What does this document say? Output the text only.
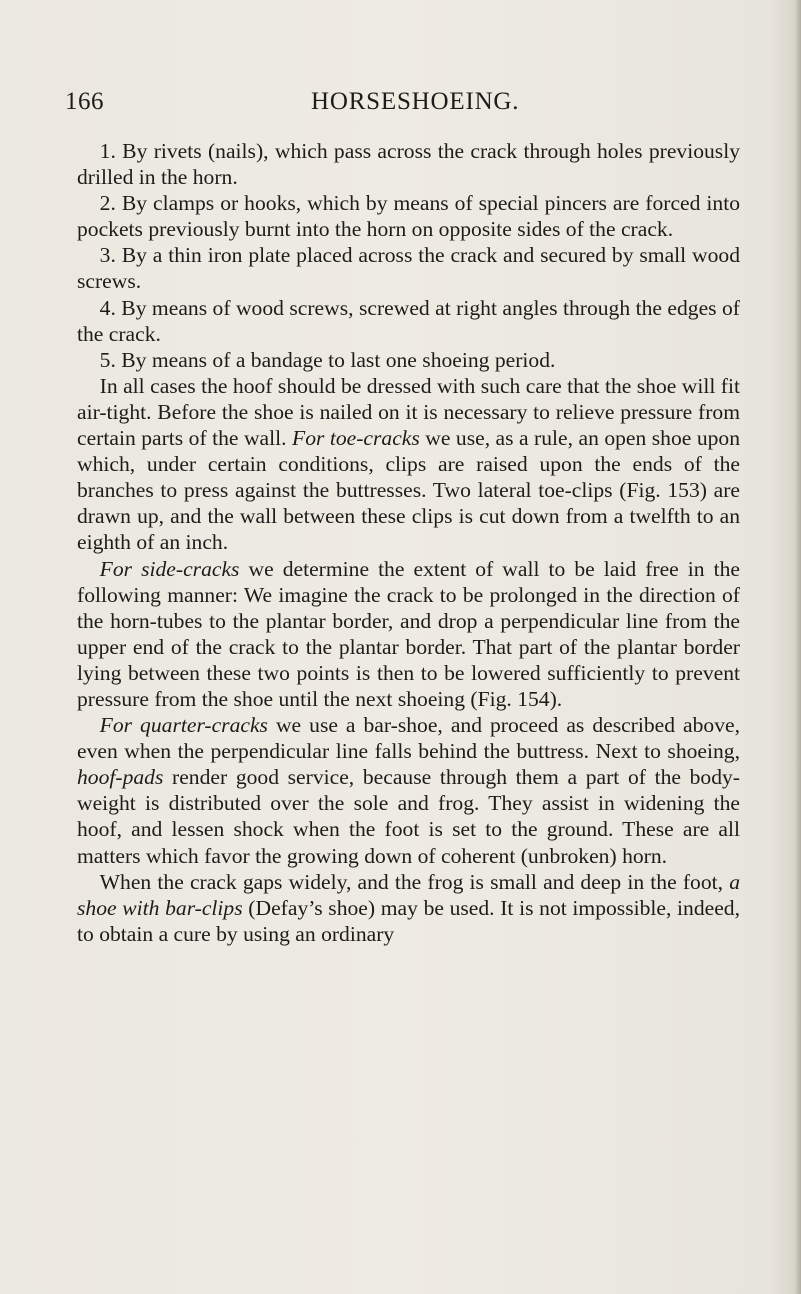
166	HORSESHOEING.

1. By rivets (nails), which pass across the crack through holes previously drilled in the horn.

2. By clamps or hooks, which by means of special pincers are forced into pockets previously burnt into the horn on opposite sides of the crack.

3. By a thin iron plate placed across the crack and secured by small wood screws.

4. By means of wood screws, screwed at right angles through the edges of the crack.

5. By means of a bandage to last one shoeing period.

In all cases the hoof should be dressed with such care that the shoe will fit air-tight. Before the shoe is nailed on it is necessary to relieve pressure from certain parts of the wall. For toe-cracks we use, as a rule, an open shoe upon which, under certain conditions, clips are raised upon the ends of the branches to press against the buttresses. Two lateral toe-clips (Fig. 153) are drawn up, and the wall between these clips is cut down from a twelfth to an eighth of an inch.

For side-cracks we determine the extent of wall to be laid free in the following manner: We imagine the crack to be prolonged in the direction of the horn-tubes to the plantar border, and drop a perpendicular line from the upper end of the crack to the plantar border. That part of the plantar border lying between these two points is then to be lowered sufficiently to prevent pressure from the shoe until the next shoeing (Fig. 154).

For quarter-cracks we use a bar-shoe, and proceed as described above, even when the perpendicular line falls behind the buttress. Next to shoeing, hoof-pads render good service, because through them a part of the body-weight is distributed over the sole and frog. They assist in widening the hoof, and lessen shock when the foot is set to the ground. These are all matters which favor the growing down of coherent (unbroken) horn.

When the crack gaps widely, and the frog is small and deep in the foot, a shoe with bar-clips (Defay’s shoe) may be used. It is not impossible, indeed, to obtain a cure by using an ordinary
